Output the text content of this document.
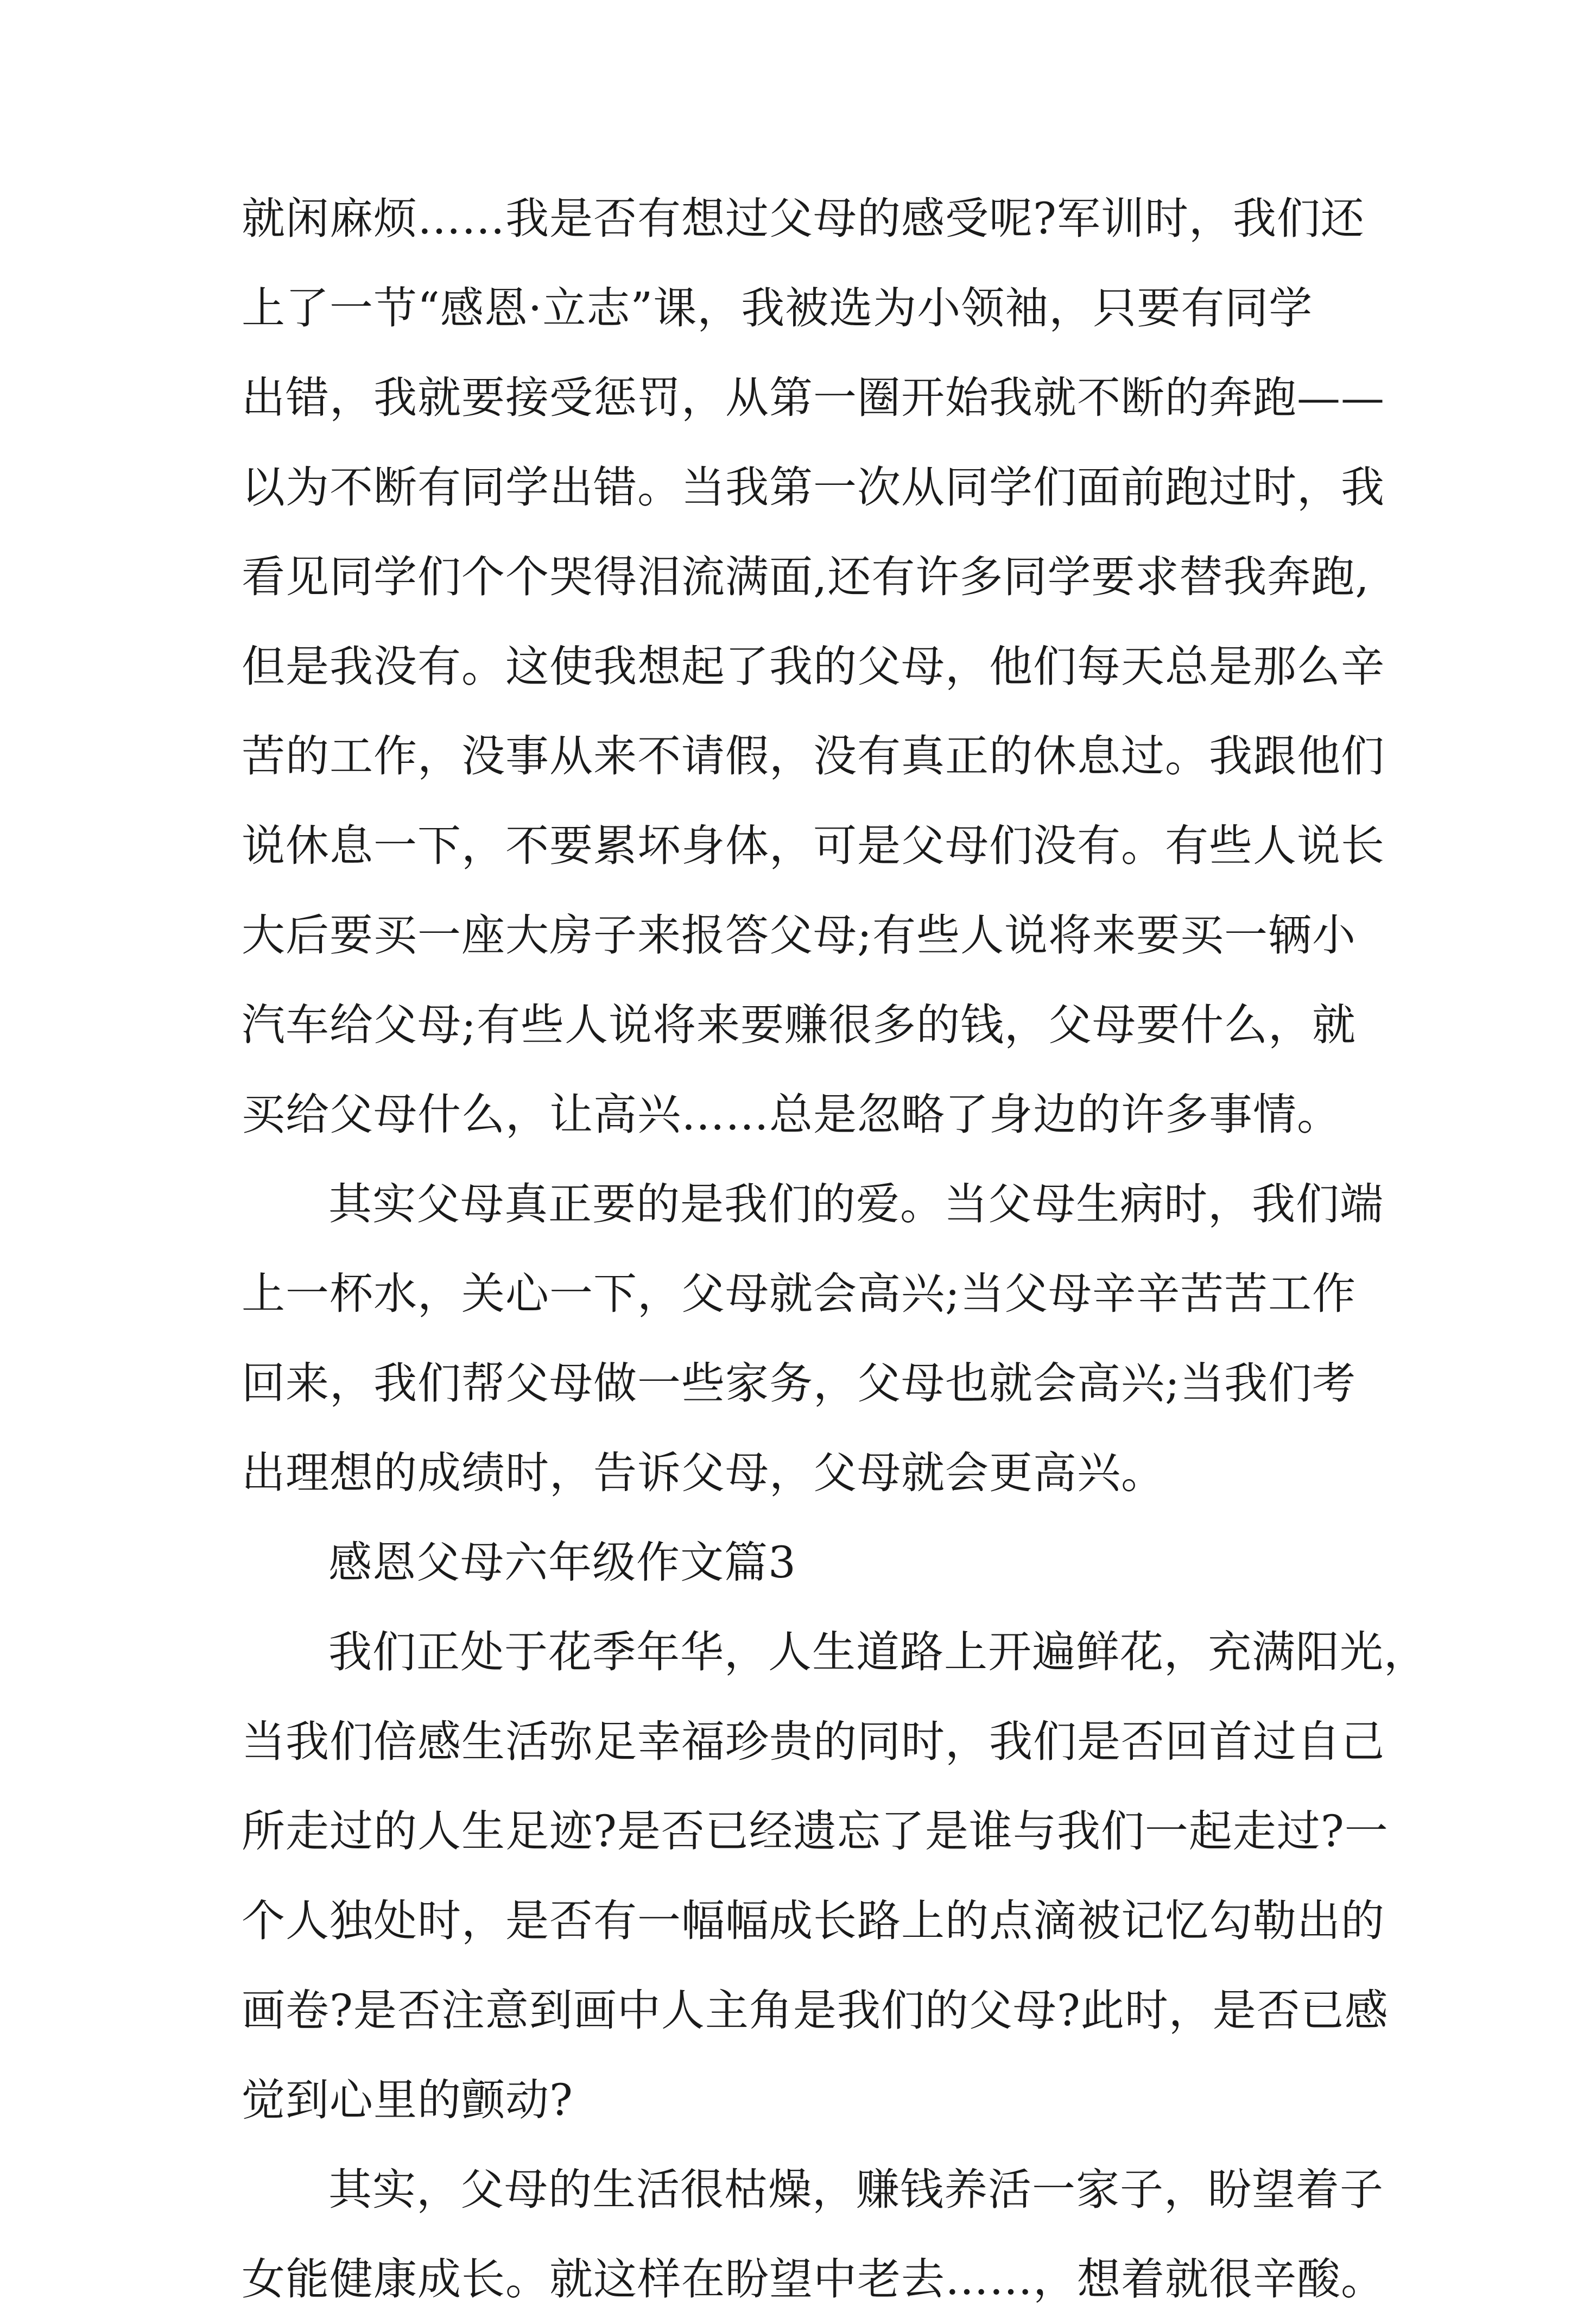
就闲麻烦……我是否有想过父母的感受呢?军训时，我们还
上了一节“感恩·立志”课，我被选为小领袖，只要有同学
出错，我就要接受惩罚，从第一圈开始我就不断的奔跑——
以为不断有同学出错。当我第一次从同学们面前跑过时，我
看见同学们个个哭得泪流满面,还有许多同学要求替我奔跑,
但是我没有。这使我想起了我的父母，他们每天总是那么辛
苦的工作，没事从来不请假，没有真正的休息过。我跟他们
说休息一下，不要累坏身体，可是父母们没有。有些人说长
大后要买一座大房子来报答父母;有些人说将来要买一辆小
汽车给父母;有些人说将来要赚很多的钱，父母要什么，就
买给父母什么，让高兴……总是忽略了身边的许多事情。
其实父母真正要的是我们的爱。当父母生病时，我们端
上一杯水，关心一下，父母就会高兴;当父母辛辛苦苦工作
回来，我们帮父母做一些家务，父母也就会高兴;当我们考
出理想的成绩时，告诉父母，父母就会更高兴。
感恩父母六年级作文篇3
我们正处于花季年华，人生道路上开遍鲜花，充满阳光，
当我们倍感生活弥足幸福珍贵的同时，我们是否回首过自己
所走过的人生足迹?是否已经遗忘了是谁与我们一起走过?一
个人独处时，是否有一幅幅成长路上的点滴被记忆勾勒出的
画卷?是否注意到画中人主角是我们的父母?此时，是否已感
觉到心里的颤动?
其实，父母的生活很枯燥，赚钱养活一家子，盼望着子
女能健康成长。就这样在盼望中老去……，想着就很辛酸。
